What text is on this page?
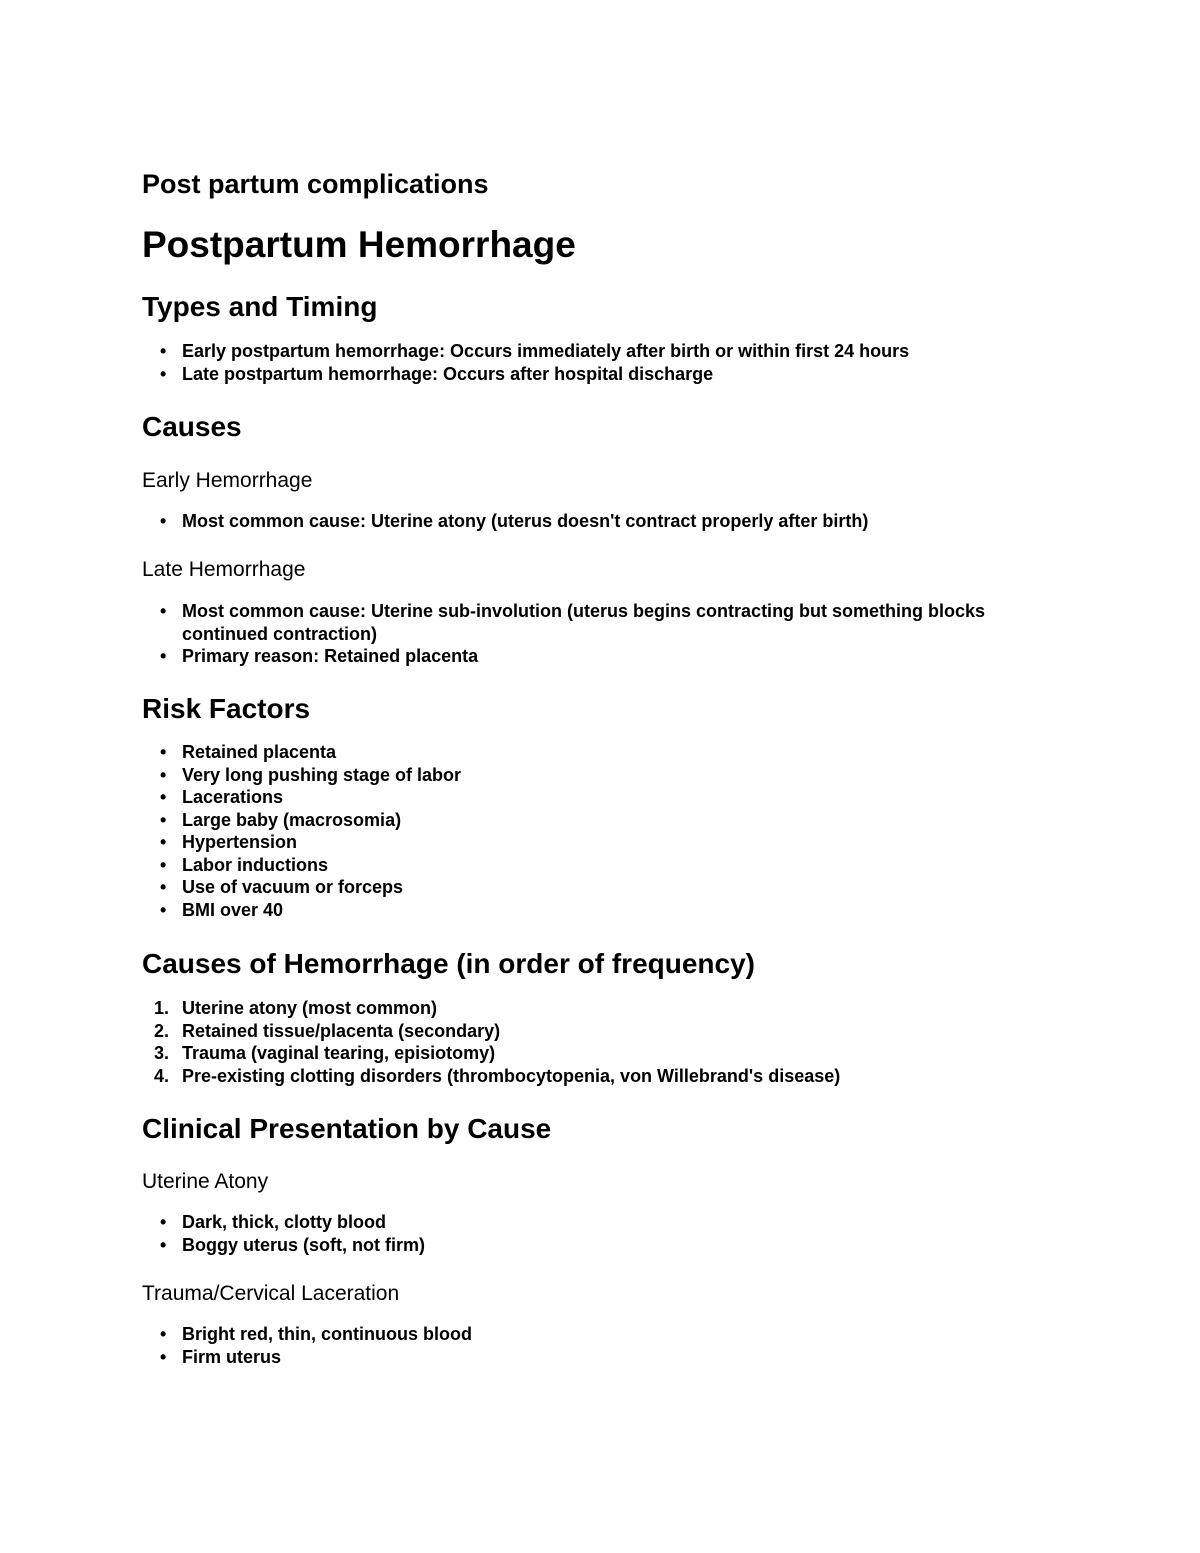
Post partum complications
Postpartum Hemorrhage
Types and Timing
• Early postpartum hemorrhage: Occurs immediately after birth or within first 24 hours
• Late postpartum hemorrhage: Occurs after hospital discharge
Causes
Early Hemorrhage
• Most common cause: Uterine atony (uterus doesn't contract properly after birth)
Late Hemorrhage
• Most common cause: Uterine sub-involution (uterus begins contracting but something blocks continued contraction)
• Primary reason: Retained placenta
Risk Factors
• Retained placenta
• Very long pushing stage of labor
• Lacerations
• Large baby (macrosomia)
• Hypertension
• Labor inductions
• Use of vacuum or forceps
• BMI over 40
Causes of Hemorrhage (in order of frequency)
Uterine atony (most common)
Retained tissue/placenta (secondary)
Trauma (vaginal tearing, episiotomy)
Pre-existing clotting disorders (thrombocytopenia, von Willebrand's disease)
Clinical Presentation by Cause
Uterine Atony
• Dark, thick, clotty blood
• Boggy uterus (soft, not firm)
Trauma/Cervical Laceration
• Bright red, thin, continuous blood
• Firm uterus
